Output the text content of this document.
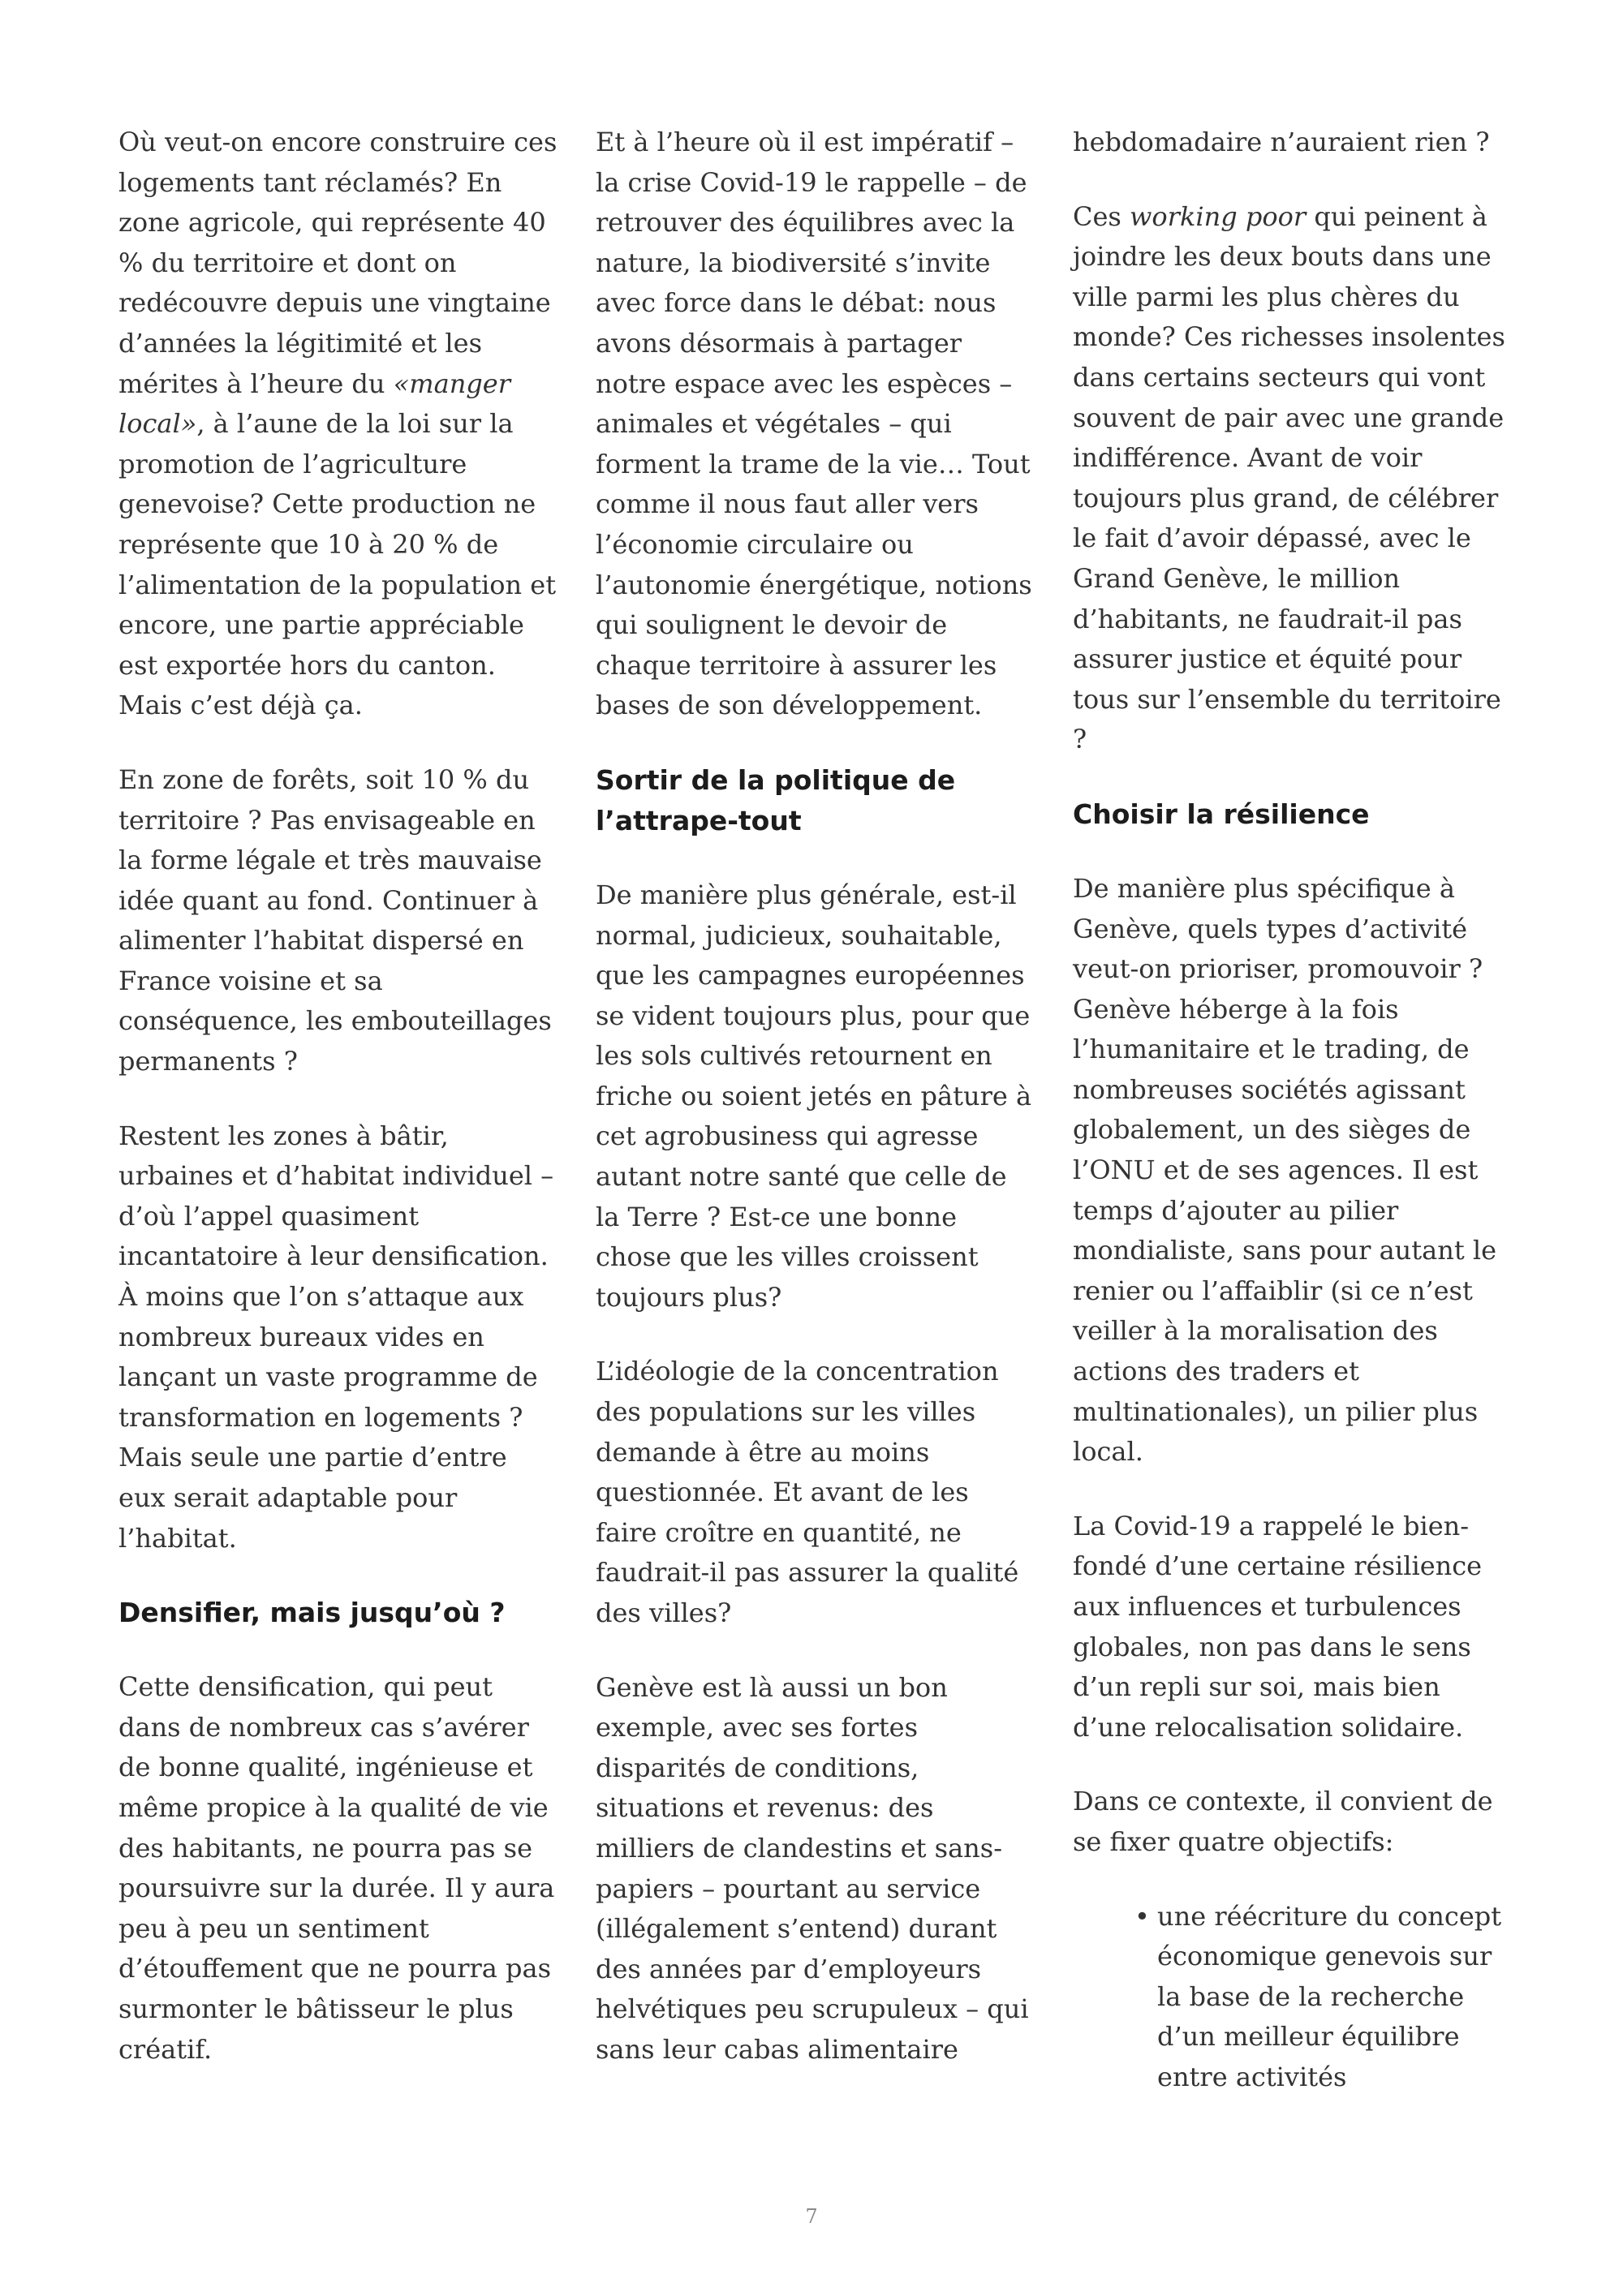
Où veut-on encore construire ces logements tant réclamés? En zone agricole, qui représente 40 % du territoire et dont on redécouvre depuis une vingtaine d’années la légitimité et les mérites à l’heure du «manger local», à l’aune de la loi sur la promotion de l’agriculture genevoise? Cette production ne représente que 10 à 20 % de l’alimentation de la population et encore, une partie appréciable est exportée hors du canton. Mais c’est déjà ça.

En zone de forêts, soit 10 % du territoire ? Pas envisageable en la forme légale et très mauvaise idée quant au fond. Continuer à alimenter l’habitat dispersé en France voisine et sa conséquence, les embouteillages permanents ?

Restent les zones à bâtir, urbaines et d’habitat individuel – d’où l’appel quasiment incantatoire à leur densification. À moins que l’on s’attaque aux nombreux bureaux vides en lançant un vaste programme de transformation en logements ? Mais seule une partie d’entre eux serait adaptable pour l’habitat.

Densifier, mais jusqu’où ?

Cette densification, qui peut dans de nombreux cas s’avérer de bonne qualité, ingénieuse et même propice à la qualité de vie des habitants, ne pourra pas se poursuivre sur la durée. Il y aura peu à peu un sentiment d’étouffement que ne pourra pas surmonter le bâtisseur le plus créatif.

Et à l’heure où il est impératif – la crise Covid-19 le rappelle – de retrouver des équilibres avec la nature, la biodiversité s’invite avec force dans le débat: nous avons désormais à partager notre espace avec les espèces – animales et végétales – qui forment la trame de la vie… Tout comme il nous faut aller vers l’économie circulaire ou l’autonomie énergétique, notions qui soulignent le devoir de chaque territoire à assurer les bases de son développement.

Sortir de la politique de l’attrape-tout

De manière plus générale, est-il normal, judicieux, souhaitable, que les campagnes européennes se vident toujours plus, pour que les sols cultivés retournent en friche ou soient jetés en pâture à cet agrobusiness qui agresse autant notre santé que celle de la Terre ? Est-ce une bonne chose que les villes croissent toujours plus?

L’idéologie de la concentration des populations sur les villes demande à être au moins questionnée. Et avant de les faire croître en quantité, ne faudrait-il pas assurer la qualité des villes?

Genève est là aussi un bon exemple, avec ses fortes disparités de conditions, situations et revenus: des milliers de clandestins et sans-papiers – pourtant au service (illégalement s’entend) durant des années par d’employeurs helvétiques peu scrupuleux – qui sans leur cabas alimentaire

hebdomadaire n’auraient rien ?

Ces working poor qui peinent à joindre les deux bouts dans une ville parmi les plus chères du monde? Ces richesses insolentes dans certains secteurs qui vont souvent de pair avec une grande indifférence. Avant de voir toujours plus grand, de célébrer le fait d’avoir dépassé, avec le Grand Genève, le million d’habitants, ne faudrait-il pas assurer justice et équité pour tous sur l’ensemble du territoire ?

Choisir la résilience

De manière plus spécifique à Genève, quels types d’activité veut-on prioriser, promouvoir ? Genève héberge à la fois l’humanitaire et le trading, de nombreuses sociétés agissant globalement, un des sièges de l’ONU et de ses agences. Il est temps d’ajouter au pilier mondialiste, sans pour autant le renier ou l’affaiblir (si ce n’est veiller à la moralisation des actions des traders et multinationales), un pilier plus local.

La Covid-19 a rappelé le bien-fondé d’une certaine résilience aux influences et turbulences globales, non pas dans le sens d’un repli sur soi, mais bien d’une relocalisation solidaire.

Dans ce contexte, il convient de se fixer quatre objectifs:

• une réécriture du concept économique genevois sur la base de la recherche d’un meilleur équilibre entre activités
7
